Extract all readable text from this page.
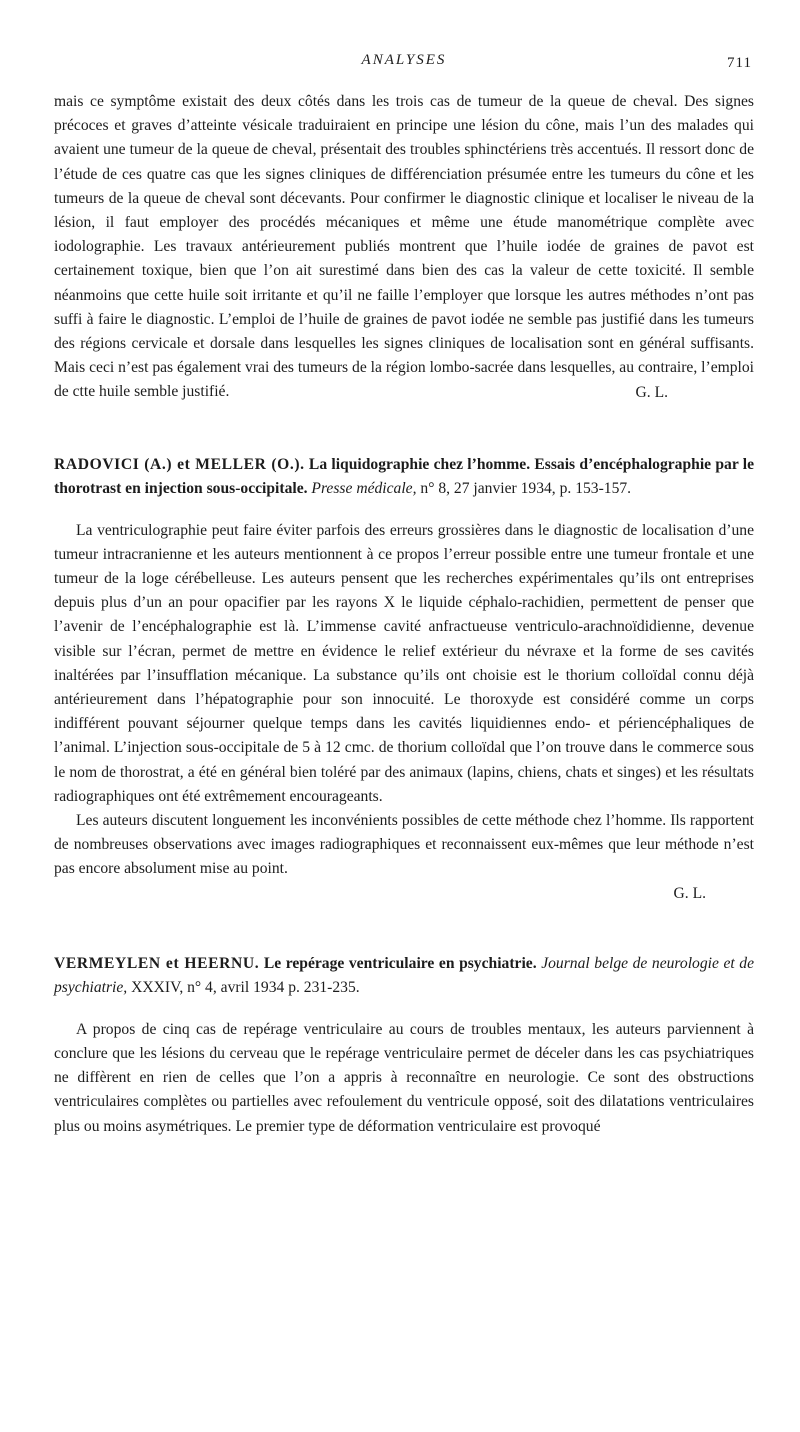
ANALYSES	711

mais ce symptôme existait des deux côtés dans les trois cas de tumeur de la queue de cheval. Des signes précoces et graves d’atteinte vésicale traduiraient en principe une lésion du cône, mais l’un des malades qui avaient une tumeur de la queue de cheval, présentait des troubles sphinctériens très accentués. Il ressort donc de l’étude de ces quatre cas que les signes cliniques de différenciation présumée entre les tumeurs du cône et les tumeurs de la queue de cheval sont décevants. Pour confirmer le diagnostic clinique et localiser le niveau de la lésion, il faut employer des procédés mécaniques et même une étude manométrique complète avec iodolographie. Les travaux antérieurement publiés montrent que l’huile iodée de graines de pavot est certainement toxique, bien que l’on ait surestimé dans bien des cas la valeur de cette toxicité. Il semble néanmoins que cette huile soit irritante et qu’il ne faille l’employer que lorsque les autres méthodes n’ont pas suffi à faire le diagnostic. L’emploi de l’huile de graines de pavot iodée ne semble pas justifié dans les tumeurs des régions cervicale et dorsale dans lesquelles les signes cliniques de localisation sont en général suffisants. Mais ceci n’est pas également vrai des tumeurs de la région lombo-sacrée dans lesquelles, au contraire, l’emploi de ctte huile semble justifié.	G. L.

RADOVICI (A.) et MELLER (O.). La liquidographie chez l’homme. Essais d’encéphalographie par le thorotrast en injection sous-occipitale. Presse médicale, n° 8, 27 janvier 1934, p. 153-157.

La ventriculographie peut faire éviter parfois des erreurs grossières dans le diagnostic de localisation d’une tumeur intracranienne et les auteurs mentionnent à ce propos l’erreur possible entre une tumeur frontale et une tumeur de la loge cérébelleuse. Les auteurs pensent que les recherches expérimentales qu’ils ont entreprises depuis plus d’un an pour opacifier par les rayons X le liquide céphalo-rachidien, permettent de penser que l’avenir de l’encéphalographie est là. L’immense cavité anfractueuse ventriculo-arachnoïdidienne, devenue visible sur l’écran, permet de mettre en évidence le relief extérieur du névraxe et la forme de ses cavités inaltérées par l’insufflation mécanique. La substance qu’ils ont choisie est le thorium colloïdal connu déjà antérieurement dans l’hépatographie pour son innocuité. Le thoroxyde est considéré comme un corps indifférent pouvant séjourner quelque temps dans les cavités liquidiennes endo- et périencéphaliques de l’animal. L’injection sous-occipitale de 5 à 12 cmc. de thorium colloïdal que l’on trouve dans le commerce sous le nom de thorostrat, a été en général bien toléré par des animaux (lapins, chiens, chats et singes) et les résultats radiographiques ont été extrêmement encourageants.

Les auteurs discutent longuement les inconvénients possibles de cette méthode chez l’homme. Ils rapportent de nombreuses observations avec images radiographiques et reconnaissent eux-mêmes que leur méthode n’est pas encore absolument mise au point.

G. L.

VERMEYLEN et HEERNU. Le repérage ventriculaire en psychiatrie. Journal belge de neurologie et de psychiatrie, XXXIV, n° 4, avril 1934 p. 231-235.

A propos de cinq cas de repérage ventriculaire au cours de troubles mentaux, les auteurs parviennent à conclure que les lésions du cerveau que le repérage ventriculaire permet de déceler dans les cas psychiatriques ne diffèrent en rien de celles que l’on a appris à reconnaître en neurologie. Ce sont des obstructions ventriculaires complètes ou partielles avec refoulement du ventricule opposé, soit des dilatations ventriculaires plus ou moins asymétriques. Le premier type de déformation ventriculaire est provoqué
